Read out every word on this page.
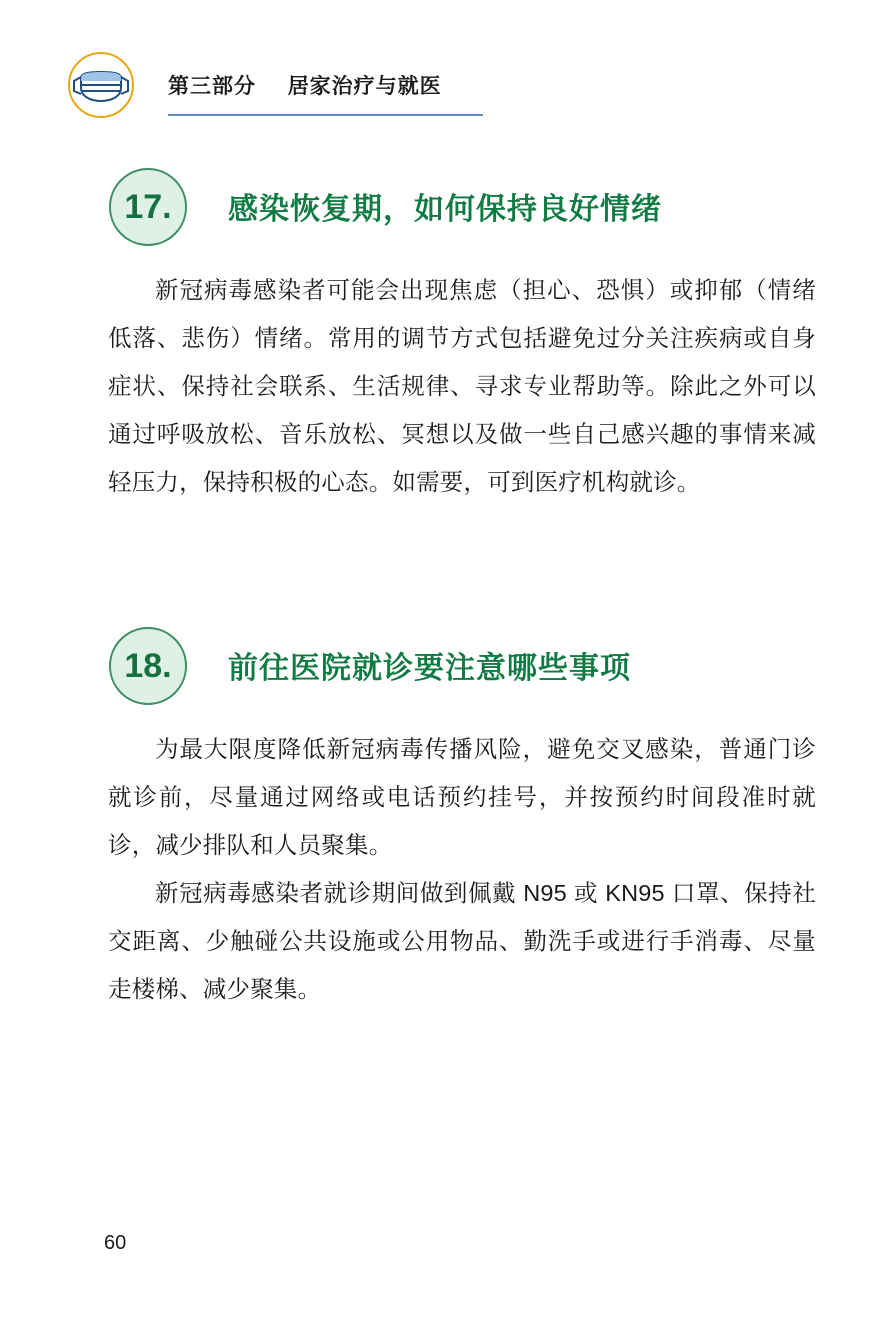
第三部分 居家治疗与就医
17.	感染恢复期，如何保持良好情绪

新冠病毒感染者可能会出现焦虑（担心、恐惧）或抑郁（情绪低落、悲伤）情绪。常用的调节方式包括避免过分关注疾病或自身症状、保持社会联系、生活规律、寻求专业帮助等。除此之外可以通过呼吸放松、音乐放松、冥想以及做一些自己感兴趣的事情来减轻压力，保持积极的心态。如需要，可到医疗机构就诊。

18.	前往医院就诊要注意哪些事项

为最大限度降低新冠病毒传播风险，避免交叉感染，普通门诊就诊前，尽量通过网络或电话预约挂号，并按预约时间段准时就诊，减少排队和人员聚集。

新冠病毒感染者就诊期间做到佩戴 N95 或 KN95 口罩、保持社交距离、少触碰公共设施或公用物品、勤洗手或进行手消毒、尽量走楼梯、减少聚集。

60
